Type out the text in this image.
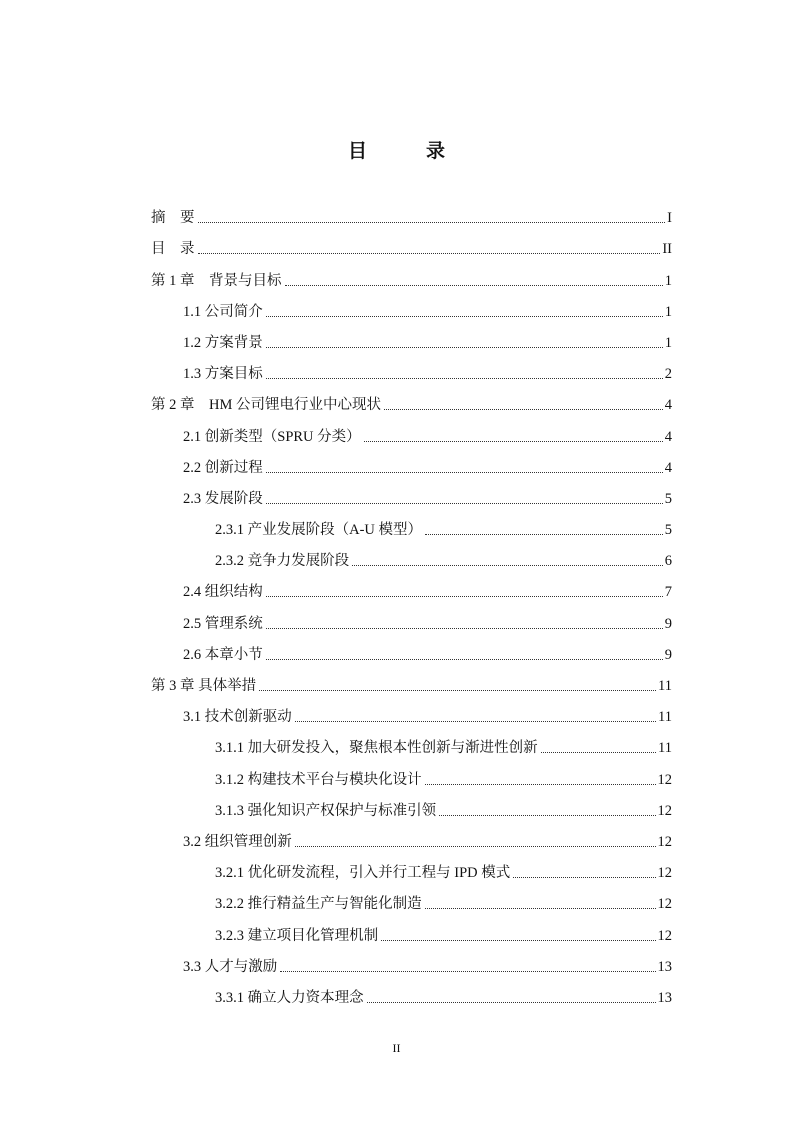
目　录
摘　要	I
目　录	II
第 1 章　背景与目标	1
1.1 公司简介	1
1.2 方案背景	1
1.3 方案目标	2
第 2 章　HM 公司锂电行业中心现状	4
2.1 创新类型（SPRU 分类）	4
2.2 创新过程	4
2.3 发展阶段	5
2.3.1 产业发展阶段（A-U 模型）	5
2.3.2 竞争力发展阶段	6
2.4 组织结构	7
2.5 管理系统	9
2.6 本章小节	9
第 3 章 具体举措	11
3.1 技术创新驱动	11
3.1.1 加大研发投入，聚焦根本性创新与渐进性创新	11
3.1.2 构建技术平台与模块化设计	12
3.1.3 强化知识产权保护与标准引领	12
3.2 组织管理创新	12
3.2.1 优化研发流程，引入并行工程与 IPD 模式	12
3.2.2 推行精益生产与智能化制造	12
3.2.3 建立项目化管理机制	12
3.3 人才与激励	13
3.3.1 确立人力资本理念	13
II
